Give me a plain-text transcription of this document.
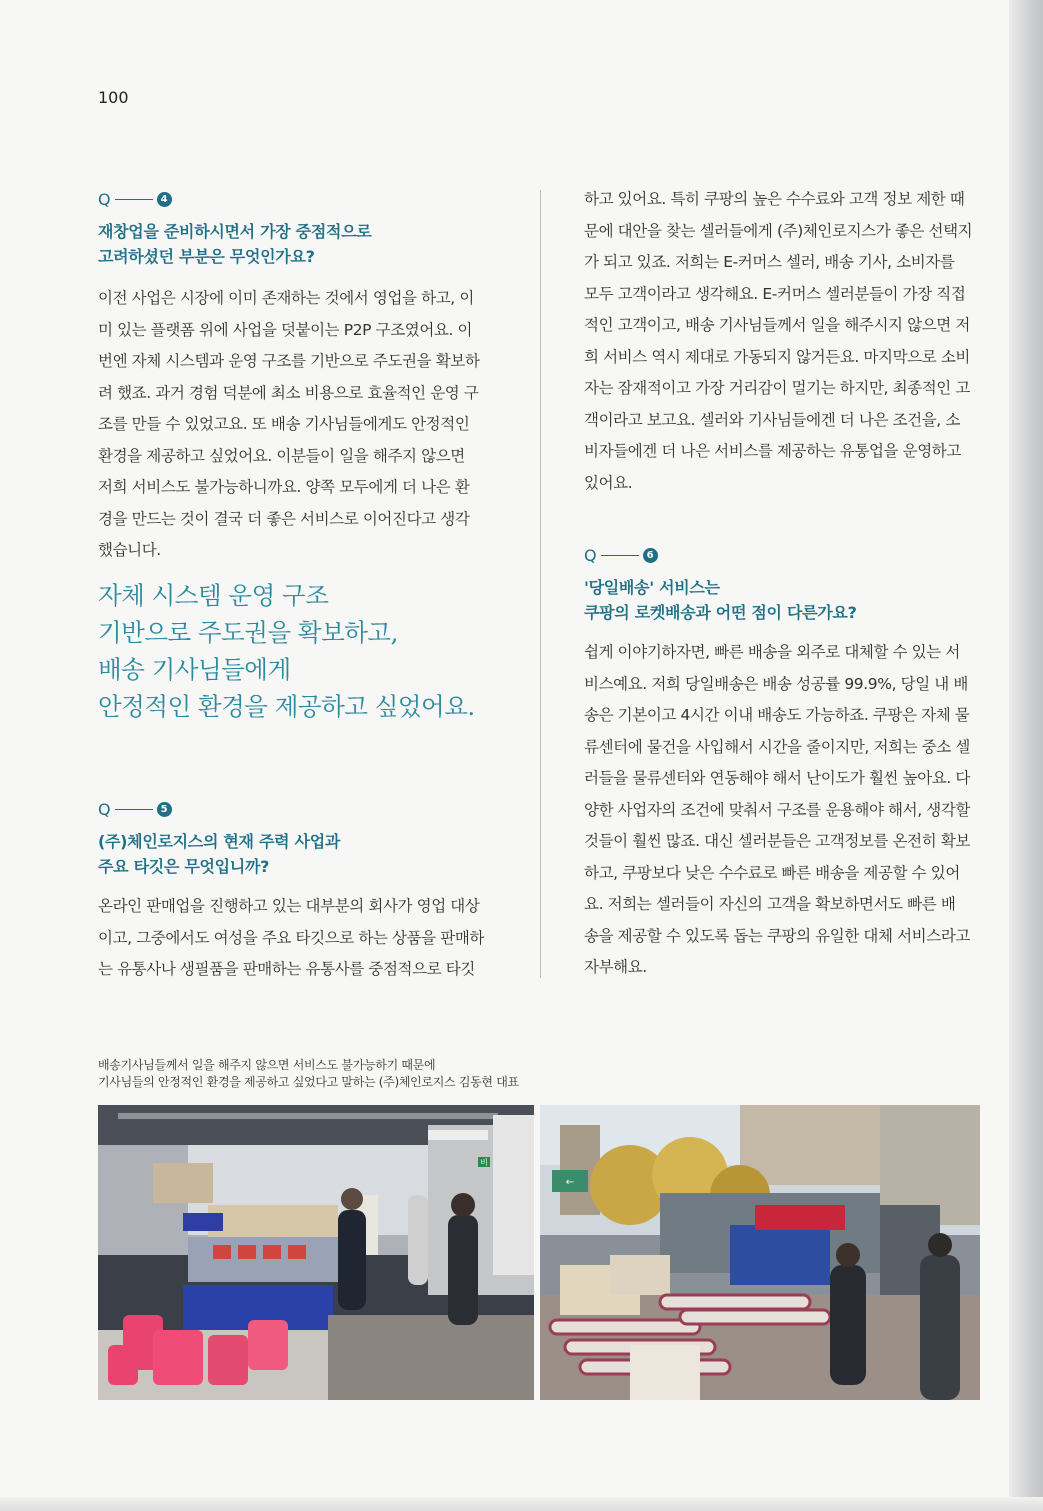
100
Q	4
재창업을 준비하시면서 가장 중점적으로
고려하셨던 부분은 무엇인가요?
이전 사업은 시장에 이미 존재하는 것에서 영업을 하고, 이
미 있는 플랫폼 위에 사업을 덧붙이는 P2P 구조였어요. 이
번엔 자체 시스템과 운영 구조를 기반으로 주도권을 확보하
려 했죠. 과거 경험 덕분에 최소 비용으로 효율적인 운영 구
조를 만들 수 있었고요. 또 배송 기사님들에게도 안정적인
환경을 제공하고 싶었어요. 이분들이 일을 해주지 않으면
저희 서비스도 불가능하니까요. 양쪽 모두에게 더 나은 환
경을 만드는 것이 결국 더 좋은 서비스로 이어진다고 생각
했습니다.
자체 시스템 운영 구조
기반으로 주도권을 확보하고,
배송 기사님들에게
안정적인 환경을 제공하고 싶었어요.
Q	5
(주)체인로지스의 현재 주력 사업과
주요 타깃은 무엇입니까?
온라인 판매업을 진행하고 있는 대부분의 회사가 영업 대상
이고, 그중에서도 여성을 주요 타깃으로 하는 상품을 판매하
는 유통사나 생필품을 판매하는 유통사를 중점적으로 타깃
하고 있어요. 특히 쿠팡의 높은 수수료와 고객 정보 제한 때
문에 대안을 찾는 셀러들에게 (주)체인로지스가 좋은 선택지
가 되고 있죠. 저희는 E-커머스 셀러, 배송 기사, 소비자를
모두 고객이라고 생각해요. E-커머스 셀러분들이 가장 직접
적인 고객이고, 배송 기사님들께서 일을 해주시지 않으면 저
희 서비스 역시 제대로 가동되지 않거든요. 마지막으로 소비
자는 잠재적이고 가장 거리감이 멀기는 하지만, 최종적인 고
객이라고 보고요. 셀러와 기사님들에겐 더 나은 조건을, 소
비자들에겐 더 나은 서비스를 제공하는 유통업을 운영하고
있어요.
Q	6
'당일배송' 서비스는
쿠팡의 로켓배송과 어떤 점이 다른가요?
쉽게 이야기하자면, 빠른 배송을 외주로 대체할 수 있는 서
비스예요. 저희 당일배송은 배송 성공률 99.9%, 당일 내 배
송은 기본이고 4시간 이내 배송도 가능하죠. 쿠팡은 자체 물
류센터에 물건을 사입해서 시간을 줄이지만, 저희는 중소 셀
러들을 물류센터와 연동해야 해서 난이도가 훨씬 높아요. 다
양한 사업자의 조건에 맞춰서 구조를 운용해야 해서, 생각할
것들이 훨씬 많죠. 대신 셀러분들은 고객정보를 온전히 확보
하고, 쿠팡보다 낮은 수수료로 빠른 배송을 제공할 수 있어
요. 저희는 셀러들이 자신의 고객을 확보하면서도 빠른 배
송을 제공할 수 있도록 돕는 쿠팡의 유일한 대체 서비스라고
자부해요.
배송기사님들께서 일을 해주지 않으면 서비스도 불가능하기 때문에
기사님들의 안정적인 환경을 제공하고 싶었다고 말하는 (주)체인로지스 김동현 대표
비
←
